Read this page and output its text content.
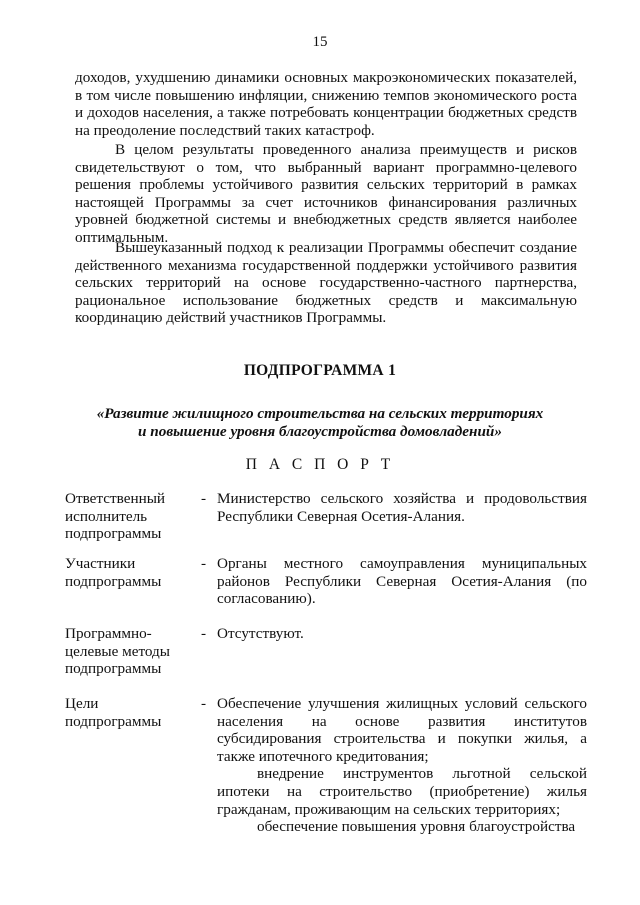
15

доходов, ухудшению динамики основных макроэкономических показателей, в том числе повышению инфляции, снижению темпов экономического роста и доходов населения, а также потребовать концентрации бюджетных средств на преодоление последствий таких катастроф.

В целом результаты проведенного анализа преимуществ и рисков свидетельствуют о том, что выбранный вариант программно-целевого решения проблемы устойчивого развития сельских территорий в рамках настоящей Программы за счет источников финансирования различных уровней бюджетной системы и внебюджетных средств является наиболее оптимальным.

Вышеуказанный подход к реализации Программы обеспечит создание действенного механизма государственной поддержки устойчивого развития сельских территорий на основе государственно-частного партнерства, рациональное использование бюджетных средств и максимальную координацию действий участников Программы.

ПОДПРОГРАММА 1
«Развитие жилищного строительства на сельских территориях
и повышение уровня благоустройства домовладений»
П А С П О Р Т
Ответственный исполнитель подпрограммы
- Министерство сельского хозяйства и продовольствия Республики Северная Осетия-Алания.
Участники подпрограммы
- Органы местного самоуправления муниципальных районов Республики Северная Осетия-Алания (по согласованию).
Программно-целевые методы подпрограммы
- Отсутствуют.
Цели подпрограммы
- Обеспечение улучшения жилищных условий сельского населения на основе развития институтов субсидирования строительства и покупки жилья, а также ипотечного кредитования;
внедрение инструментов льготной сельской ипотеки на строительство (приобретение) жилья гражданам, проживающим на сельских территориях;
обеспечение повышения уровня благоустройства
